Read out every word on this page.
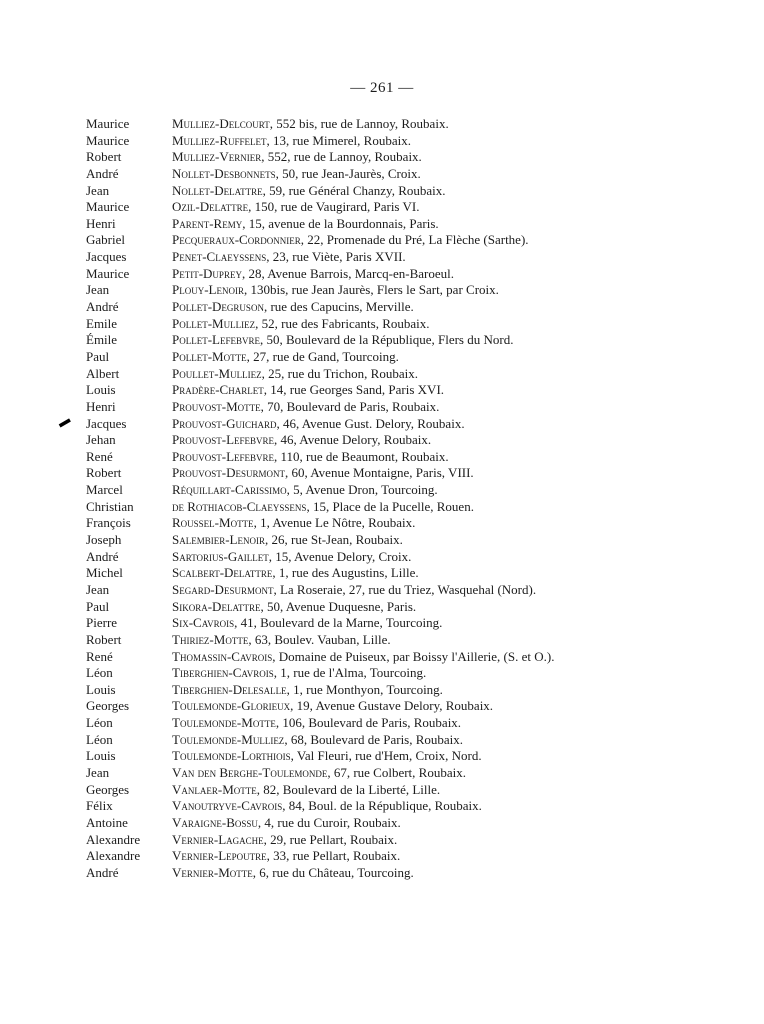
— 261 —
▬
Maurice	Mulliez-Delcourt, 552 bis, rue de Lannoy, Roubaix.
Maurice	Mulliez-Ruffelet, 13, rue Mimerel, Roubaix.
Robert	Mulliez-Vernier, 552, rue de Lannoy, Roubaix.
André	Nollet-Desbonnets, 50, rue Jean-Jaurès, Croix.
Jean	Nollet-Delattre, 59, rue Général Chanzy, Roubaix.
Maurice	Ozil-Delattre, 150, rue de Vaugirard, Paris VI.
Henri	Parent-Remy, 15, avenue de la Bourdonnais, Paris.
Gabriel	Pecqueraux-Cordonnier, 22, Promenade du Pré, La Flèche (Sarthe).
Jacques	Penet-Claeyssens, 23, rue Viète, Paris XVII.
Maurice	Petit-Duprey, 28, Avenue Barrois, Marcq-en-Baroeul.
Jean	Plouy-Lenoir, 130bis, rue Jean Jaurès, Flers le Sart, par Croix.
André	Pollet-Degruson, rue des Capucins, Merville.
Emile	Pollet-Mulliez, 52, rue des Fabricants, Roubaix.
Émile	Pollet-Lefebvre, 50, Boulevard de la République, Flers du Nord.
Paul	Pollet-Motte, 27, rue de Gand, Tourcoing.
Albert	Poullet-Mulliez, 25, rue du Trichon, Roubaix.
Louis	Pradère-Charlet, 14, rue Georges Sand, Paris XVI.
Henri	Prouvost-Motte, 70, Boulevard de Paris, Roubaix.
Jacques	Prouvost-Guichard, 46, Avenue Gust. Delory, Roubaix.
Jehan	Prouvost-Lefebvre, 46, Avenue Delory, Roubaix.
René	Prouvost-Lefebvre, 110, rue de Beaumont, Roubaix.
Robert	Prouvost-Desurmont, 60, Avenue Montaigne, Paris, VIII.
Marcel	Réquillart-Carissimo, 5, Avenue Dron, Tourcoing.
Christian	de Rothiacob-Claeyssens, 15, Place de la Pucelle, Rouen.
François	Roussel-Motte, 1, Avenue Le Nôtre, Roubaix.
Joseph	Salembier-Lenoir, 26, rue St-Jean, Roubaix.
André	Sartorius-Gaillet, 15, Avenue Delory, Croix.
Michel	Scalbert-Delattre, 1, rue des Augustins, Lille.
Jean	Segard-Desurmont, La Roseraie, 27, rue du Triez, Wasquehal (Nord).
Paul	Sikora-Delattre, 50, Avenue Duquesne, Paris.
Pierre	Six-Cavrois, 41, Boulevard de la Marne, Tourcoing.
Robert	Thiriez-Motte, 63, Boulev. Vauban, Lille.
René	Thomassin-Cavrois, Domaine de Puiseux, par Boissy l'Aillerie, (S. et O.).
Léon	Tiberghien-Cavrois, 1, rue de l'Alma, Tourcoing.
Louis	Tiberghien-Delesalle, 1, rue Monthyon, Tourcoing.
Georges	Toulemonde-Glorieux, 19, Avenue Gustave Delory, Roubaix.
Léon	Toulemonde-Motte, 106, Boulevard de Paris, Roubaix.
Léon	Toulemonde-Mulliez, 68, Boulevard de Paris, Roubaix.
Louis	Toulemonde-Lorthiois, Val Fleuri, rue d'Hem, Croix, Nord.
Jean	Van den Berghe-Toulemonde, 67, rue Colbert, Roubaix.
Georges	Vanlaer-Motte, 82, Boulevard de la Liberté, Lille.
Félix	Vanoutryve-Cavrois, 84, Boul. de la République, Roubaix.
Antoine	Varaigne-Bossu, 4, rue du Curoir, Roubaix.
Alexandre	Vernier-Lagache, 29, rue Pellart, Roubaix.
Alexandre	Vernier-Lepoutre, 33, rue Pellart, Roubaix.
André	Vernier-Motte, 6, rue du Château, Tourcoing.
